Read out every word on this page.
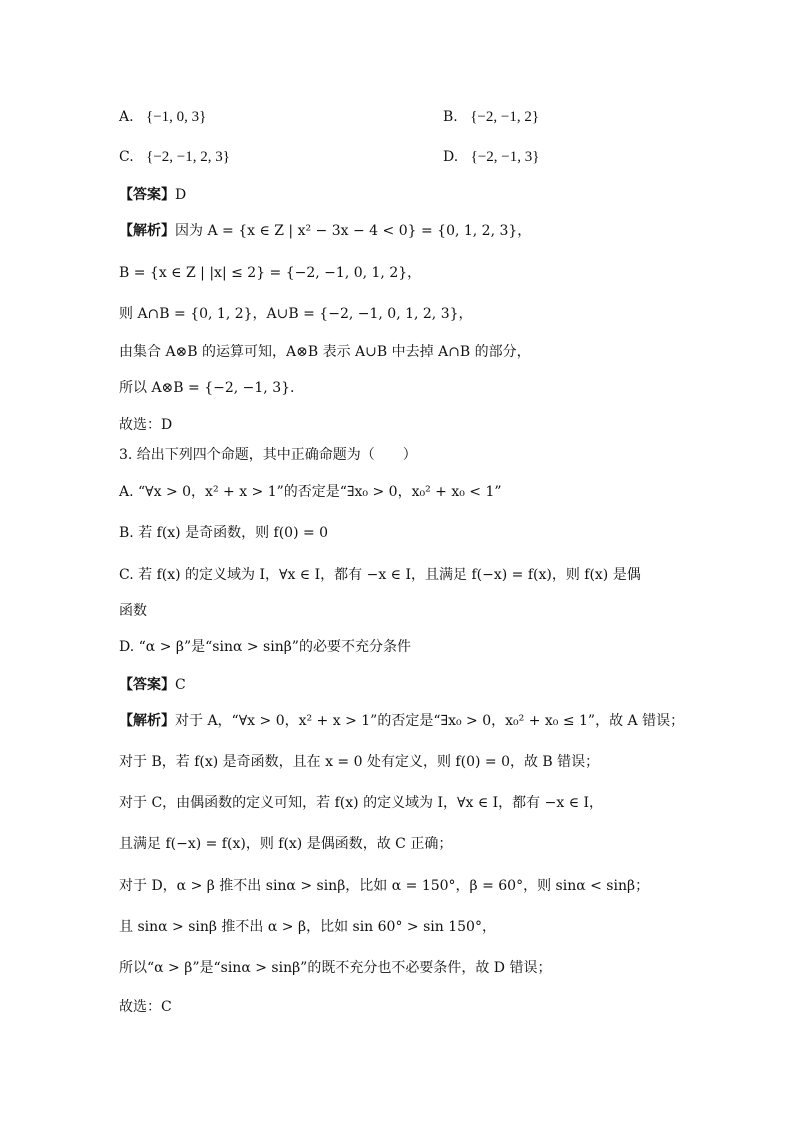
A. {−1, 0, 3}	B. {−2, −1, 2}
C. {−2, −1, 2, 3}	D. {−2, −1, 3}
【答案】D
【解析】因为 A = {x ∈ Z | x² − 3x − 4 < 0} = {0, 1, 2, 3}，
B = {x ∈ Z | |x| ≤ 2} = {−2, −1, 0, 1, 2}，
则 A∩B = {0, 1, 2}，A∪B = {−2, −1, 0, 1, 2, 3}，
由集合 A⊗B 的运算可知，A⊗B 表示 A∪B 中去掉 A∩B 的部分，
所以 A⊗B = {−2, −1, 3}.
故选：D
3. 给出下列四个命题，其中正确命题为（　　）
A. “∀x > 0，x² + x > 1”的否定是“∃x₀ > 0，x₀² + x₀ < 1”
B. 若 f(x) 是奇函数，则 f(0) = 0
C. 若 f(x) 的定义域为 I，∀x ∈ I，都有 −x ∈ I，且满足 f(−x) = f(x)，则 f(x) 是偶
函数
D. “α > β”是“sinα > sinβ”的必要不充分条件
【答案】C
【解析】对于 A，“∀x > 0，x² + x > 1”的否定是“∃x₀ > 0，x₀² + x₀ ≤ 1”，故 A 错误；
对于 B，若 f(x) 是奇函数，且在 x = 0 处有定义，则 f(0) = 0，故 B 错误；
对于 C，由偶函数的定义可知，若 f(x) 的定义域为 I，∀x ∈ I，都有 −x ∈ I，
且满足 f(−x) = f(x)，则 f(x) 是偶函数，故 C 正确；
对于 D，α > β 推不出 sinα > sinβ，比如 α = 150°，β = 60°，则 sinα < sinβ；
且 sinα > sinβ 推不出 α > β，比如 sin 60° > sin 150°，
所以“α > β”是“sinα > sinβ”的既不充分也不必要条件，故 D 错误；
故选：C
